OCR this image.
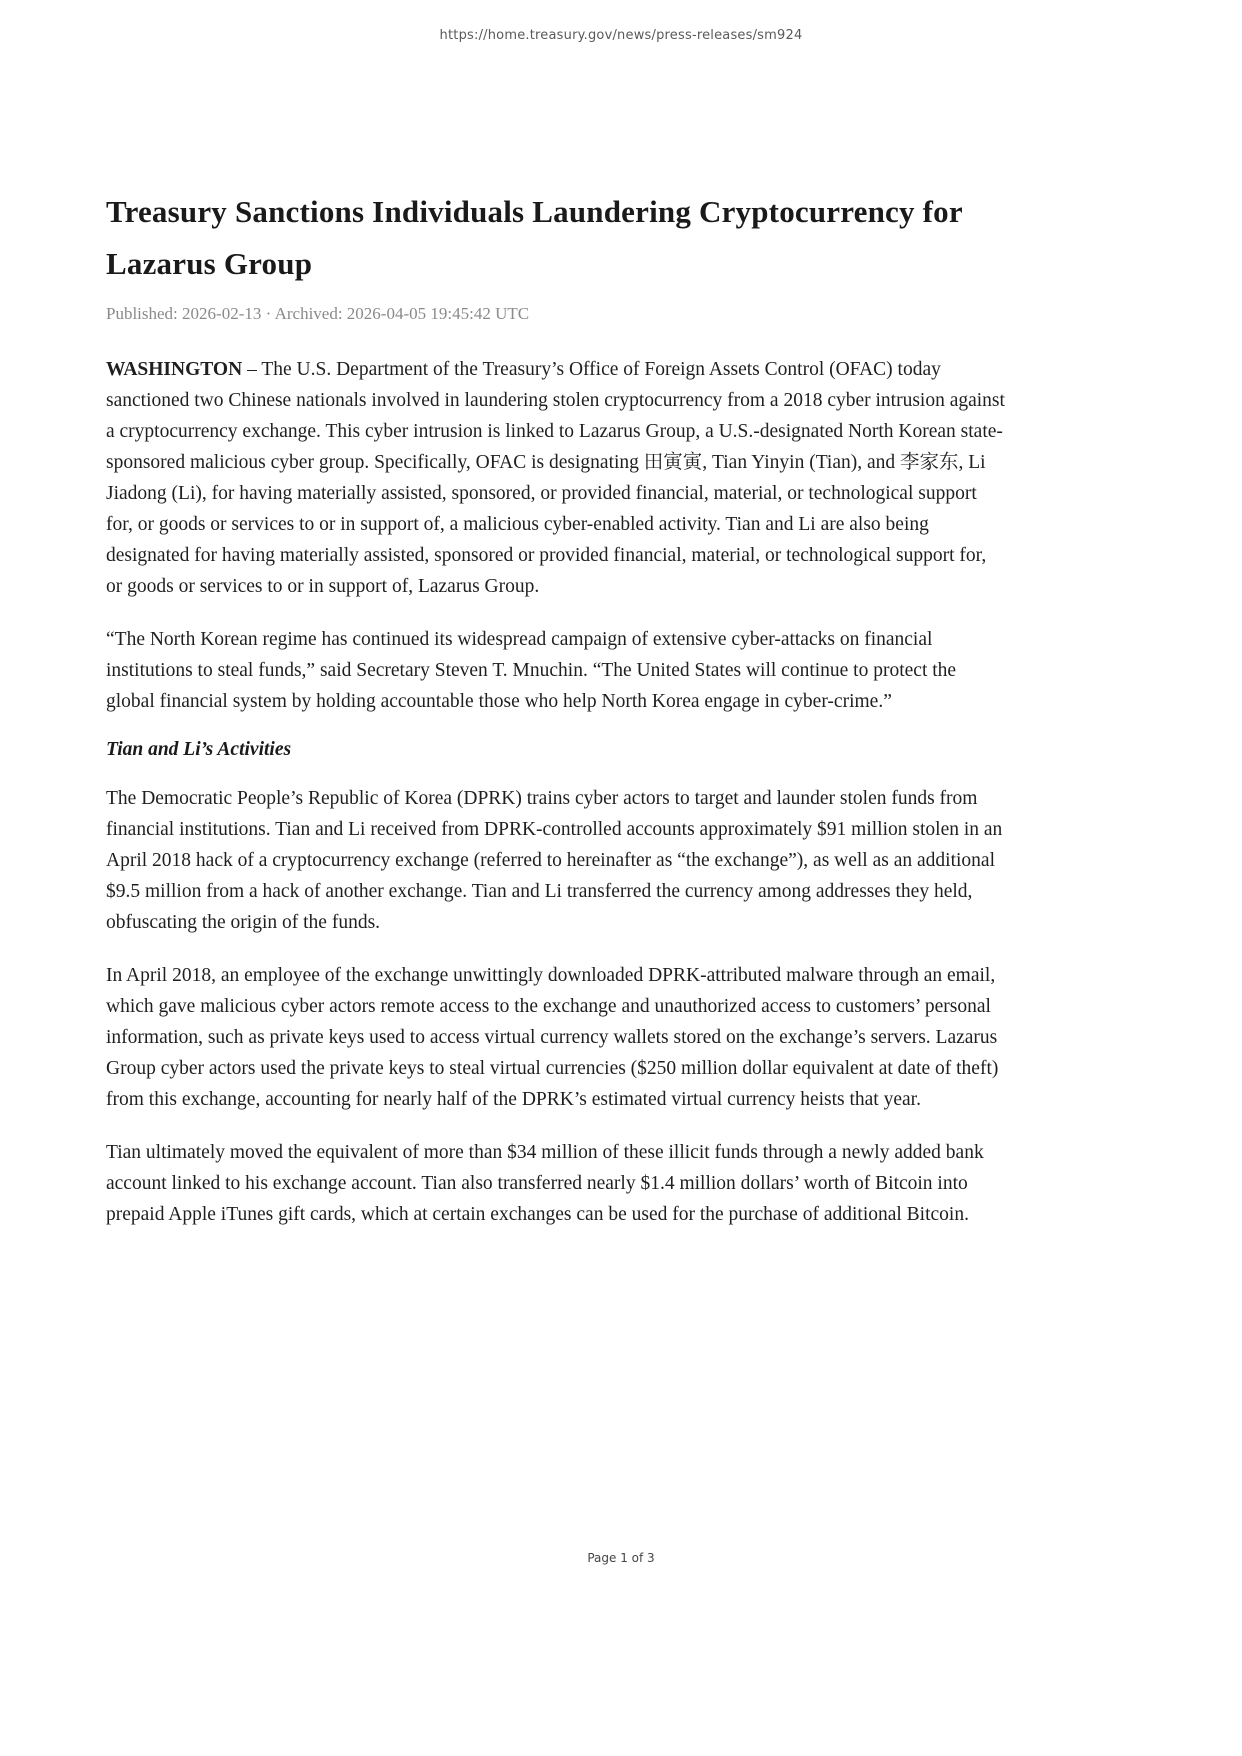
https://home.treasury.gov/news/press-releases/sm924
Treasury Sanctions Individuals Laundering Cryptocurrency for Lazarus Group
Published: 2026-02-13 · Archived: 2026-04-05 19:45:42 UTC

WASHINGTON – The U.S. Department of the Treasury’s Office of Foreign Assets Control (OFAC) today sanctioned two Chinese nationals involved in laundering stolen cryptocurrency from a 2018 cyber intrusion against a cryptocurrency exchange. This cyber intrusion is linked to Lazarus Group, a U.S.-designated North Korean state-sponsored malicious cyber group. Specifically, OFAC is designating 田寅寅, Tian Yinyin (Tian), and 李家东, Li Jiadong (Li), for having materially assisted, sponsored, or provided financial, material, or technological support for, or goods or services to or in support of, a malicious cyber-enabled activity. Tian and Li are also being designated for having materially assisted, sponsored or provided financial, material, or technological support for, or goods or services to or in support of, Lazarus Group.

“The North Korean regime has continued its widespread campaign of extensive cyber-attacks on financial institutions to steal funds,” said Secretary Steven T. Mnuchin. “The United States will continue to protect the global financial system by holding accountable those who help North Korea engage in cyber-crime.”

Tian and Li’s Activities

The Democratic People’s Republic of Korea (DPRK) trains cyber actors to target and launder stolen funds from financial institutions. Tian and Li received from DPRK-controlled accounts approximately $91 million stolen in an April 2018 hack of a cryptocurrency exchange (referred to hereinafter as “the exchange”), as well as an additional $9.5 million from a hack of another exchange. Tian and Li transferred the currency among addresses they held, obfuscating the origin of the funds.

In April 2018, an employee of the exchange unwittingly downloaded DPRK-attributed malware through an email, which gave malicious cyber actors remote access to the exchange and unauthorized access to customers’ personal information, such as private keys used to access virtual currency wallets stored on the exchange’s servers. Lazarus Group cyber actors used the private keys to steal virtual currencies ($250 million dollar equivalent at date of theft) from this exchange, accounting for nearly half of the DPRK’s estimated virtual currency heists that year.

Tian ultimately moved the equivalent of more than $34 million of these illicit funds through a newly added bank account linked to his exchange account. Tian also transferred nearly $1.4 million dollars’ worth of Bitcoin into prepaid Apple iTunes gift cards, which at certain exchanges can be used for the purchase of additional Bitcoin.

Page 1 of 3
